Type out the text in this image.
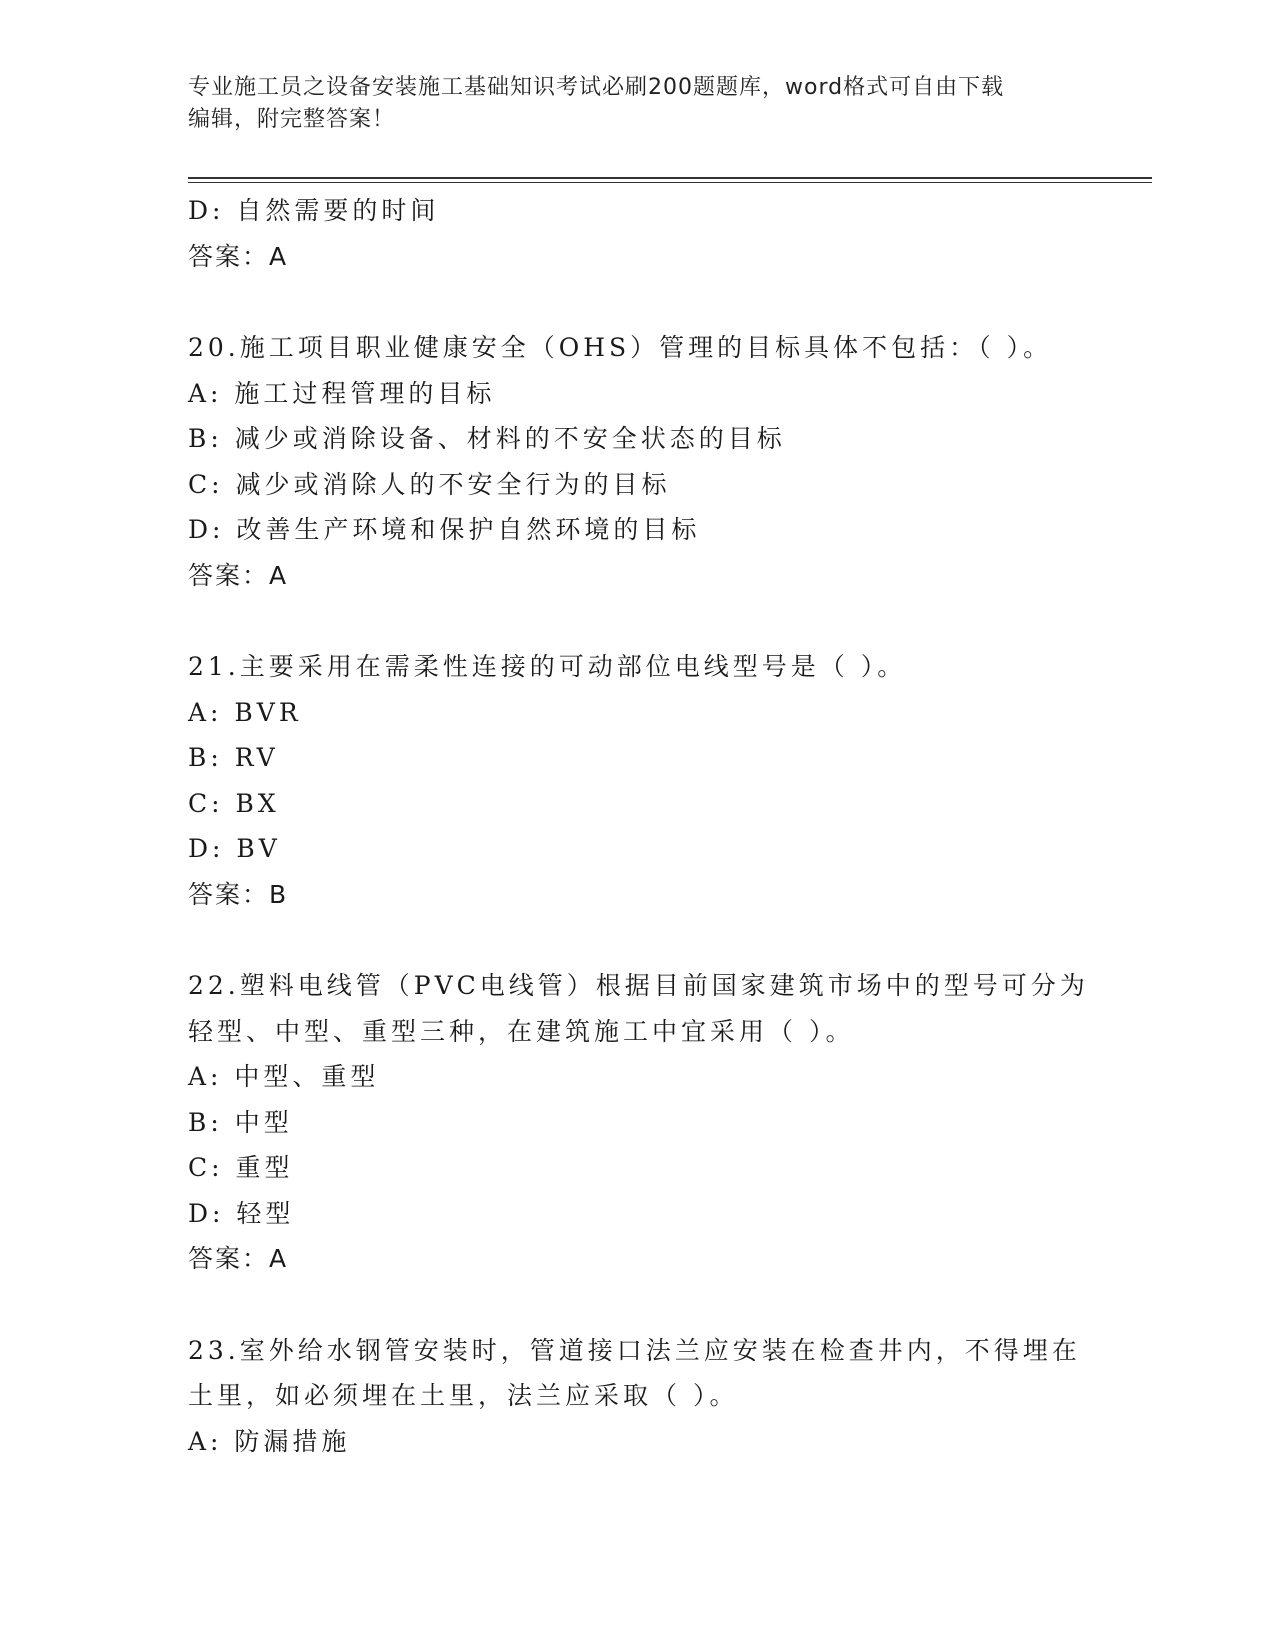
专业施工员之设备安装施工基础知识考试必刷200题题库，word格式可自由下载
编辑，附完整答案！
D: 自然需要的时间
答案：A
20.施工项目职业健康安全（OHS）管理的目标具体不包括：（ ）。
A: 施工过程管理的目标
B: 减少或消除设备、材料的不安全状态的目标
C: 减少或消除人的不安全行为的目标
D: 改善生产环境和保护自然环境的目标
答案：A
21.主要采用在需柔性连接的可动部位电线型号是（ ）。
A: BVR
B: RV
C: BX
D: BV
答案：B
22.塑料电线管（PVC电线管）根据目前国家建筑市场中的型号可分为
轻型、中型、重型三种，在建筑施工中宜采用（ ）。
A: 中型、重型
B: 中型
C: 重型
D: 轻型
答案：A
23.室外给水钢管安装时，管道接口法兰应安装在检查井内，不得埋在
土里，如必须埋在土里，法兰应采取（ ）。
A: 防漏措施
